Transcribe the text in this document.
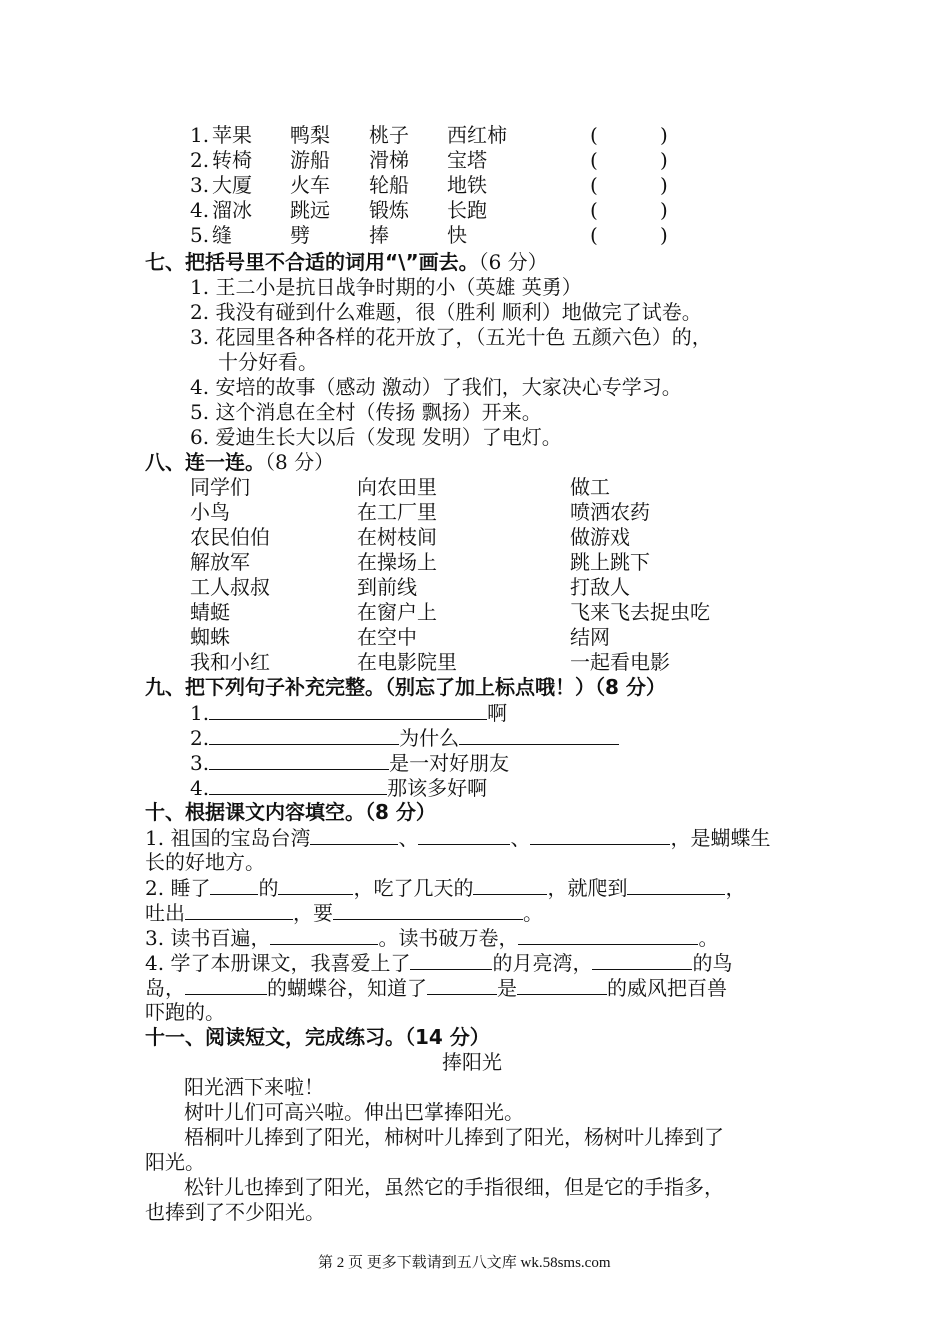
1. 苹果 鸭梨 桃子 西红柿	(	)
2. 转椅 游船 滑梯 宝塔	(	)
3. 大厦 火车 轮船 地铁	(	)
4. 溜冰 跳远 锻炼 长跑	(	)
5. 缝	劈	捧	快	(	)
七、把括号里不合适的词用“\”画去。（6 分）
1. 王二小是抗日战争时期的小（英雄 英勇）
2. 我没有碰到什么难题，很（胜利 顺利）地做完了试卷。
3. 花园里各种各样的花开放了，（五光十色 五颜六色）的，
十分好看。
4. 安培的故事（感动 激动）了我们，大家决心专学习。
5. 这个消息在全村（传扬 飘扬）开来。
6. 爱迪生长大以后（发现 发明）了电灯。
八、连一连。（8 分）
同学们	向农田里	做工
小鸟	在工厂里	喷洒农药
农民伯伯	在树枝间	做游戏
解放军	在操场上	跳上跳下
工人叔叔	到前线	打敌人
蜻蜓	在窗户上	飞来飞去捉虫吃
蜘蛛	在空中	结网
我和小红	在电影院里	一起看电影
九、把下列句子补充完整。（别忘了加上标点哦！）（8 分）
1.	啊
2.	为什么
3.	是一对好朋友
4.	那该多好啊
十、根据课文内容填空。（8 分）
1. 祖国的宝岛台湾	、	、	，是蝴蝶生
长的好地方。
2. 睡了 的	，吃了几天的	，就爬到	，
吐出	，要	。
3. 读书百遍，	。读书破万卷，	。
4. 学了本册课文，我喜爱上了	的月亮湾，	的鸟
岛，	的蝴蝶谷，知道了	是	的威风把百兽
吓跑的。
十一、阅读短文，完成练习。（14 分）
捧阳光
阳光洒下来啦！
树叶儿们可高兴啦。伸出巴掌捧阳光。
梧桐叶儿捧到了阳光，柿树叶儿捧到了阳光，杨树叶儿捧到了
阳光。
松针儿也捧到了阳光，虽然它的手指很细，但是它的手指多，
也捧到了不少阳光。
第 2 页 更多下载请到五八文库 wk.58sms.com
